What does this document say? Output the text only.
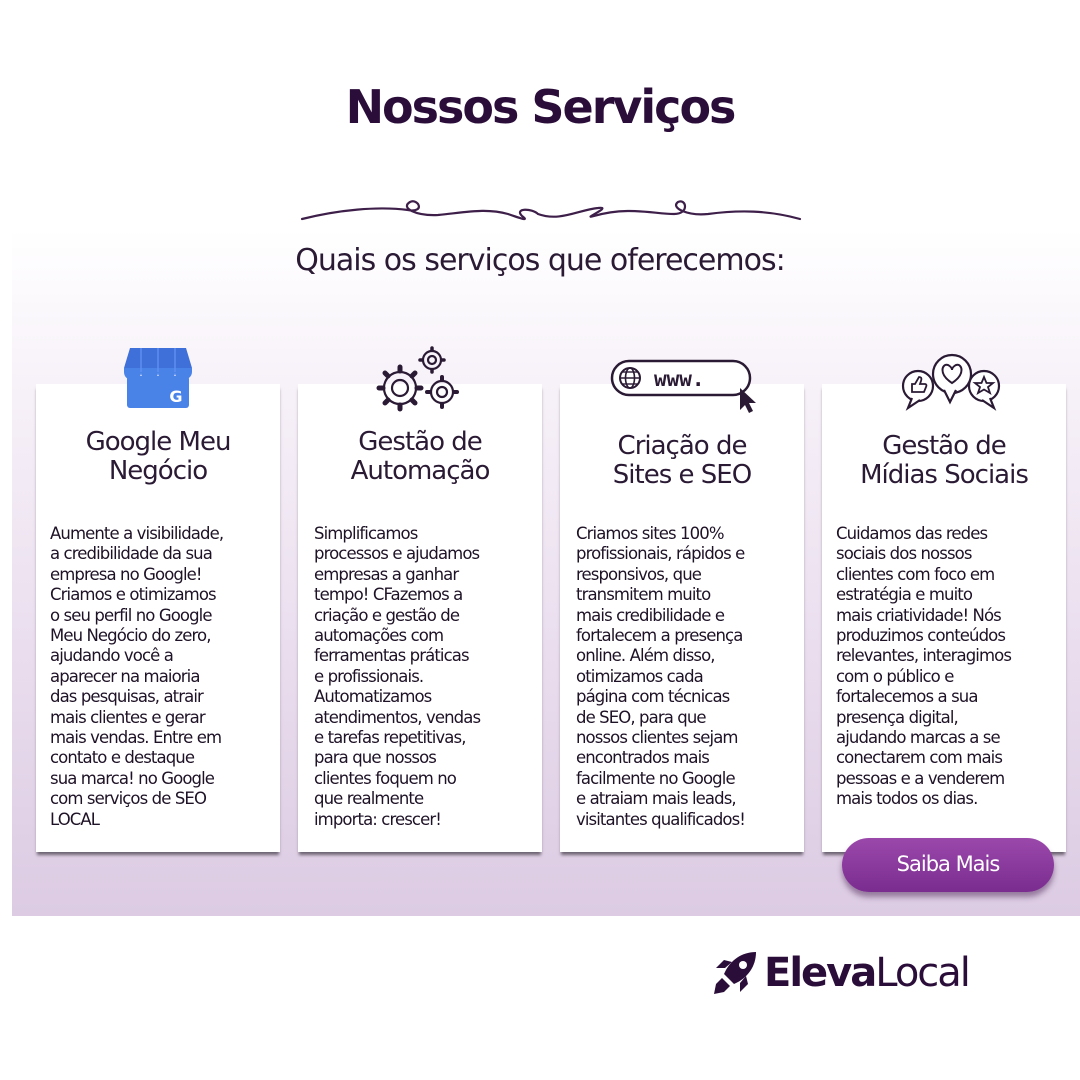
Nossos Serviços
Quais os serviços que oferecemos:
Google Meu
Negócio
Aumente a visibilidade,
a credibilidade da sua
empresa no Google!
Criamos e otimizamos
o seu perfil no Google
Meu Negócio do zero,
ajudando você a
aparecer na maioria
das pesquisas, atrair
mais clientes e gerar
mais vendas. Entre em
contato e destaque
sua marca! no Google
com serviços de SEO
LOCAL
Gestão de
Automação
Simplificamos
processos e ajudamos
empresas a ganhar
tempo! CFazemos a
criação e gestão de
automações com
ferramentas práticas
e profissionais.
Automatizamos
atendimentos, vendas
e tarefas repetitivas,
para que nossos
clientes foquem no
que realmente
importa: crescer!
Criação de
Sites e SEO
Criamos sites 100%
profissionais, rápidos e
responsivos, que
transmitem muito
mais credibilidade e
fortalecem a presença
online. Além disso,
otimizamos cada
página com técnicas
de SEO, para que
nossos clientes sejam
encontrados mais
facilmente no Google
e atraiam mais leads,
visitantes qualificados!
Gestão de
Mídias Sociais
Cuidamos das redes
sociais dos nossos
clientes com foco em
estratégia e muito
mais criatividade! Nós
produzimos conteúdos
relevantes, interagimos
com o público e
fortalecemos a sua
presença digital,
ajudando marcas a se
conectarem com mais
pessoas e a venderem
mais todos os dias.
G
www.
Saiba Mais
ElevaLocal
